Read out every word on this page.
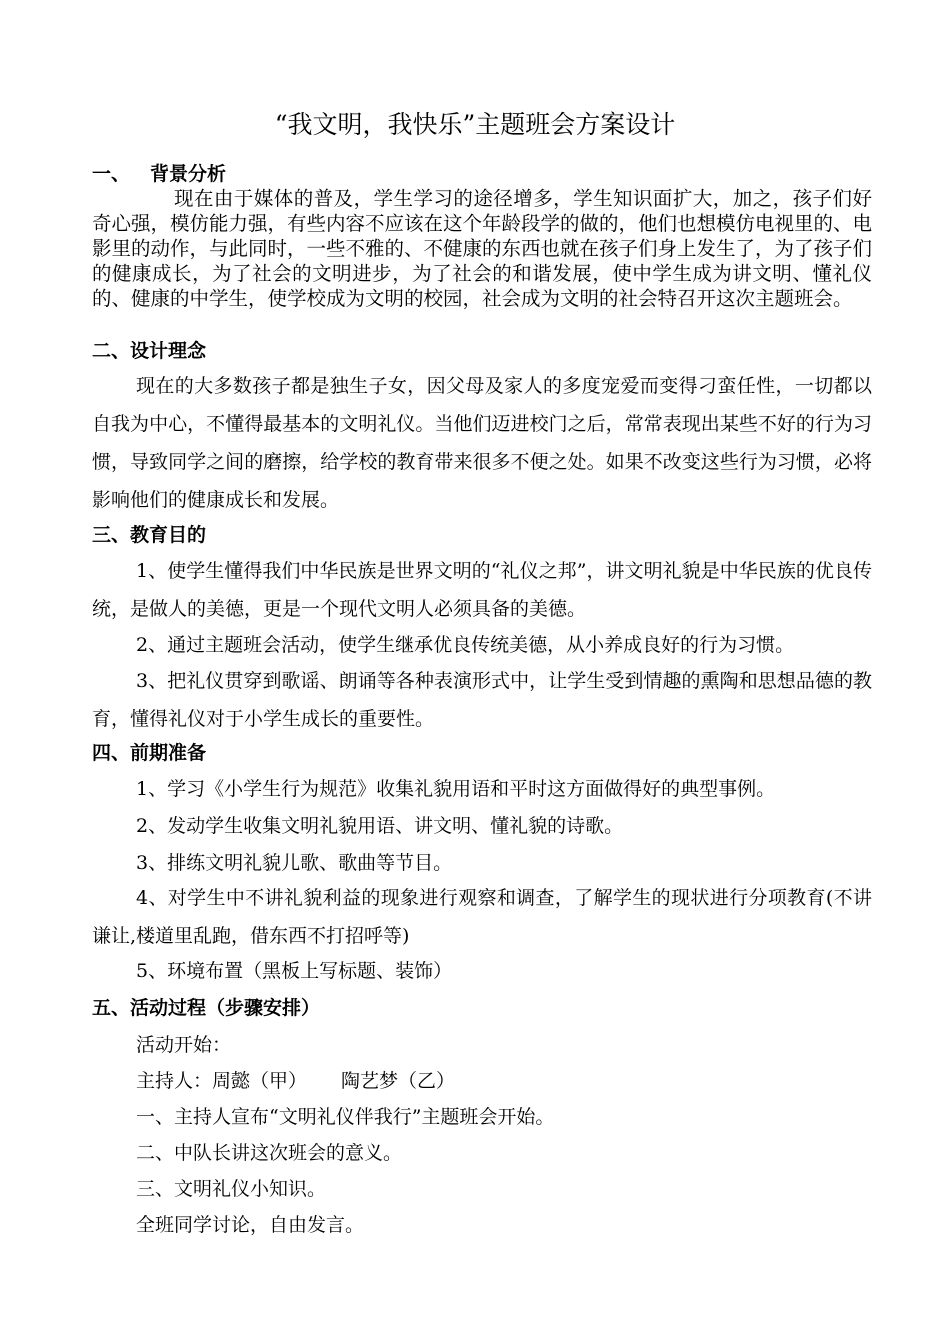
“我文明，我快乐”主题班会方案设计
一、 背景分析
现在由于媒体的普及，学生学习的途径增多，学生知识面扩大，加之，孩子们好奇心强，模仿能力强，有些内容不应该在这个年龄段学的做的，他们也想模仿电视里的、电影里的动作，与此同时，一些不雅的、不健康的东西也就在孩子们身上发生了，为了孩子们的健康成长，为了社会的文明进步，为了社会的和谐发展，使中学生成为讲文明、懂礼仪的、健康的中学生，使学校成为文明的校园，社会成为文明的社会特召开这次主题班会。
二、设计理念
现在的大多数孩子都是独生子女，因父母及家人的多度宠爱而变得刁蛮任性，一切都以自我为中心，不懂得最基本的文明礼仪。当他们迈进校门之后，常常表现出某些不好的行为习惯，导致同学之间的磨擦，给学校的教育带来很多不便之处。如果不改变这些行为习惯，必将影响他们的健康成长和发展。
三、教育目的
1、使学生懂得我们中华民族是世界文明的“礼仪之邦”，讲文明礼貌是中华民族的优良传统，是做人的美德，更是一个现代文明人必须具备的美德。
2、通过主题班会活动，使学生继承优良传统美德，从小养成良好的行为习惯。
3、把礼仪贯穿到歌谣、朗诵等各种表演形式中，让学生受到情趣的熏陶和思想品德的教育，懂得礼仪对于小学生成长的重要性。
四、前期准备
1、学习《小学生行为规范》收集礼貌用语和平时这方面做得好的典型事例。
2、发动学生收集文明礼貌用语、讲文明、懂礼貌的诗歌。
3、排练文明礼貌儿歌、歌曲等节目。
4、对学生中不讲礼貌利益的现象进行观察和调查，了解学生的现状进行分项教育(不讲谦让,楼道里乱跑，借东西不打招呼等)
5、环境布置（黑板上写标题、装饰）
五、活动过程（步骤安排）
活动开始：
主持人：周懿（甲） 陶艺梦（乙）
一、主持人宣布“文明礼仪伴我行”主题班会开始。
二、中队长讲这次班会的意义。
三、文明礼仪小知识。
全班同学讨论，自由发言。
